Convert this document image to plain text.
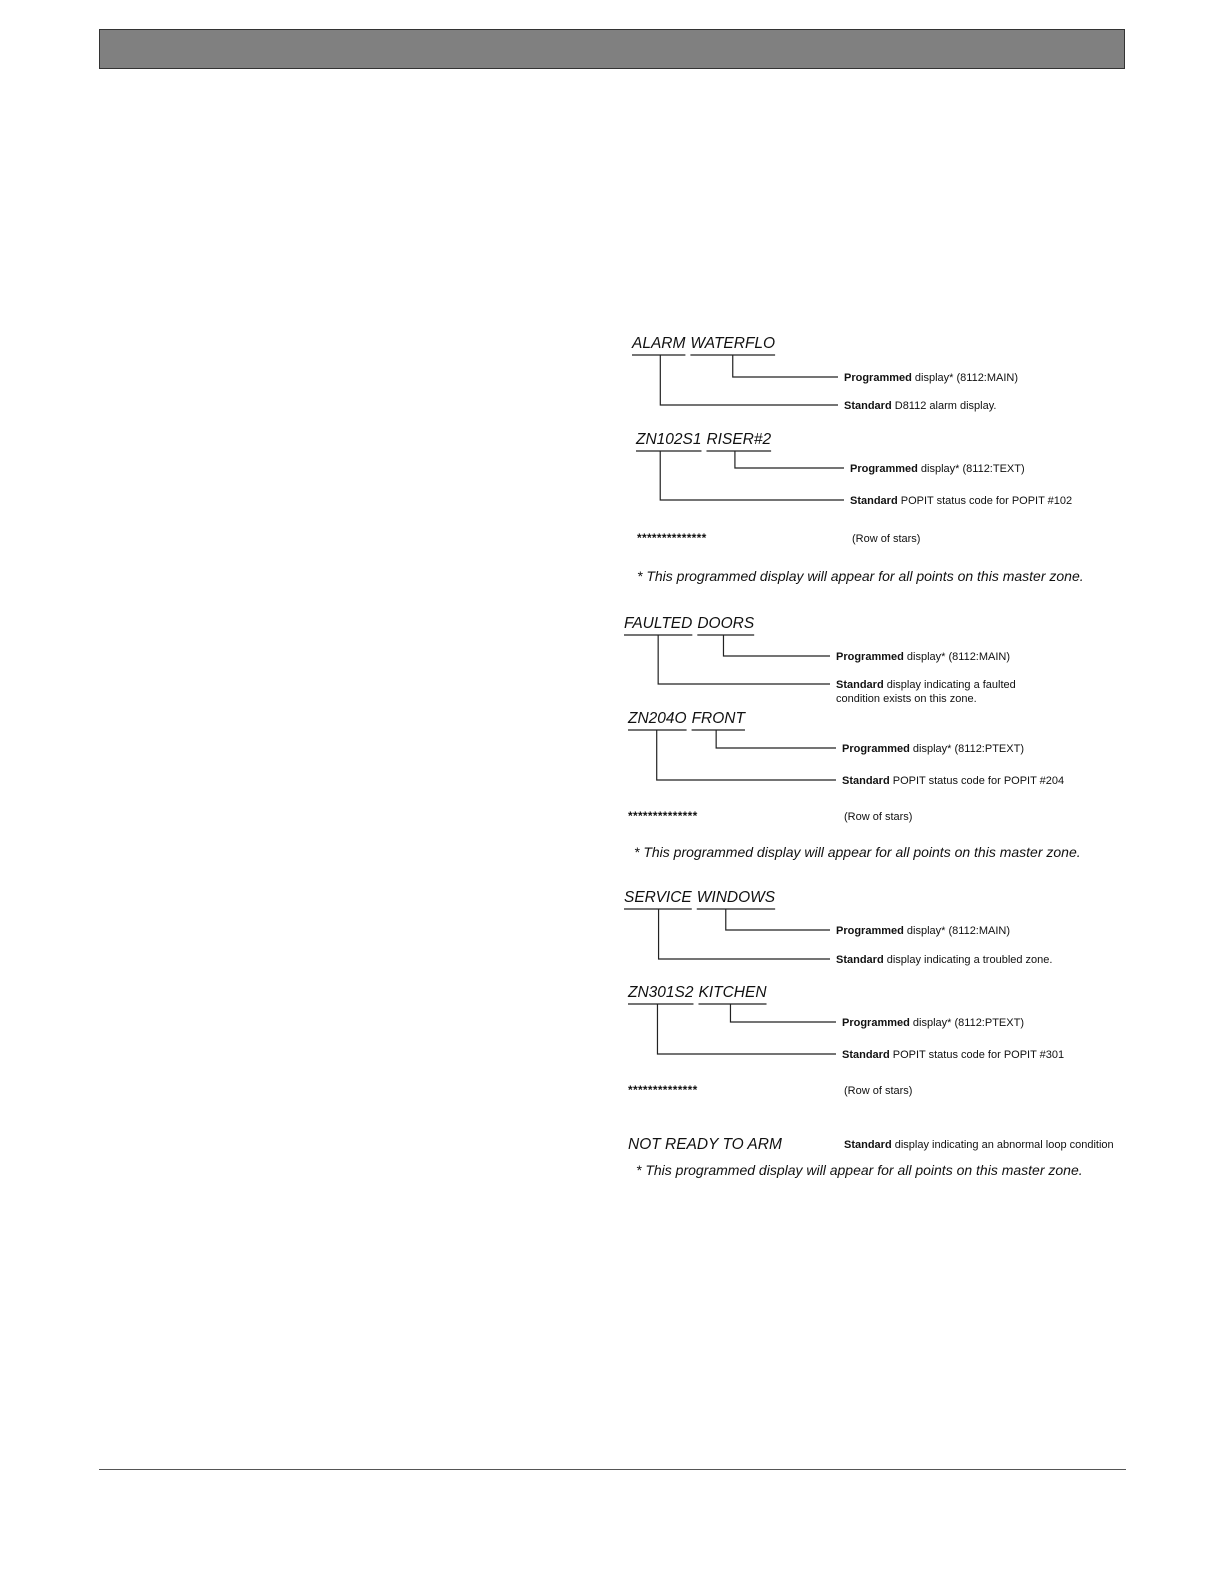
ALARM WATERFLO
Programmed display* (8112:MAIN)
Standard D8112 alarm display.
ZN102S1 RISER#2
Programmed display* (8112:TEXT)
Standard POPIT status code for POPIT #102
**************	(Row of stars)
* This programmed display will appear for all points on this master zone.
FAULTED DOORS
Programmed display* (8112:MAIN)
Standard display indicating a faulted
condition exists on this zone.
ZN204O FRONT
Programmed display* (8112:PTEXT)
Standard POPIT status code for POPIT #204
**************	(Row of stars)
* This programmed display will appear for all points on this master zone.
SERVICE WINDOWS
Programmed display* (8112:MAIN)
Standard display indicating a troubled zone.
ZN301S2 KITCHEN
Programmed display* (8112:PTEXT)
Standard POPIT status code for POPIT #301
**************	(Row of stars)
NOT READY TO ARM	Standard display indicating an abnormal loop condition
* This programmed display will appear for all points on this master zone.
